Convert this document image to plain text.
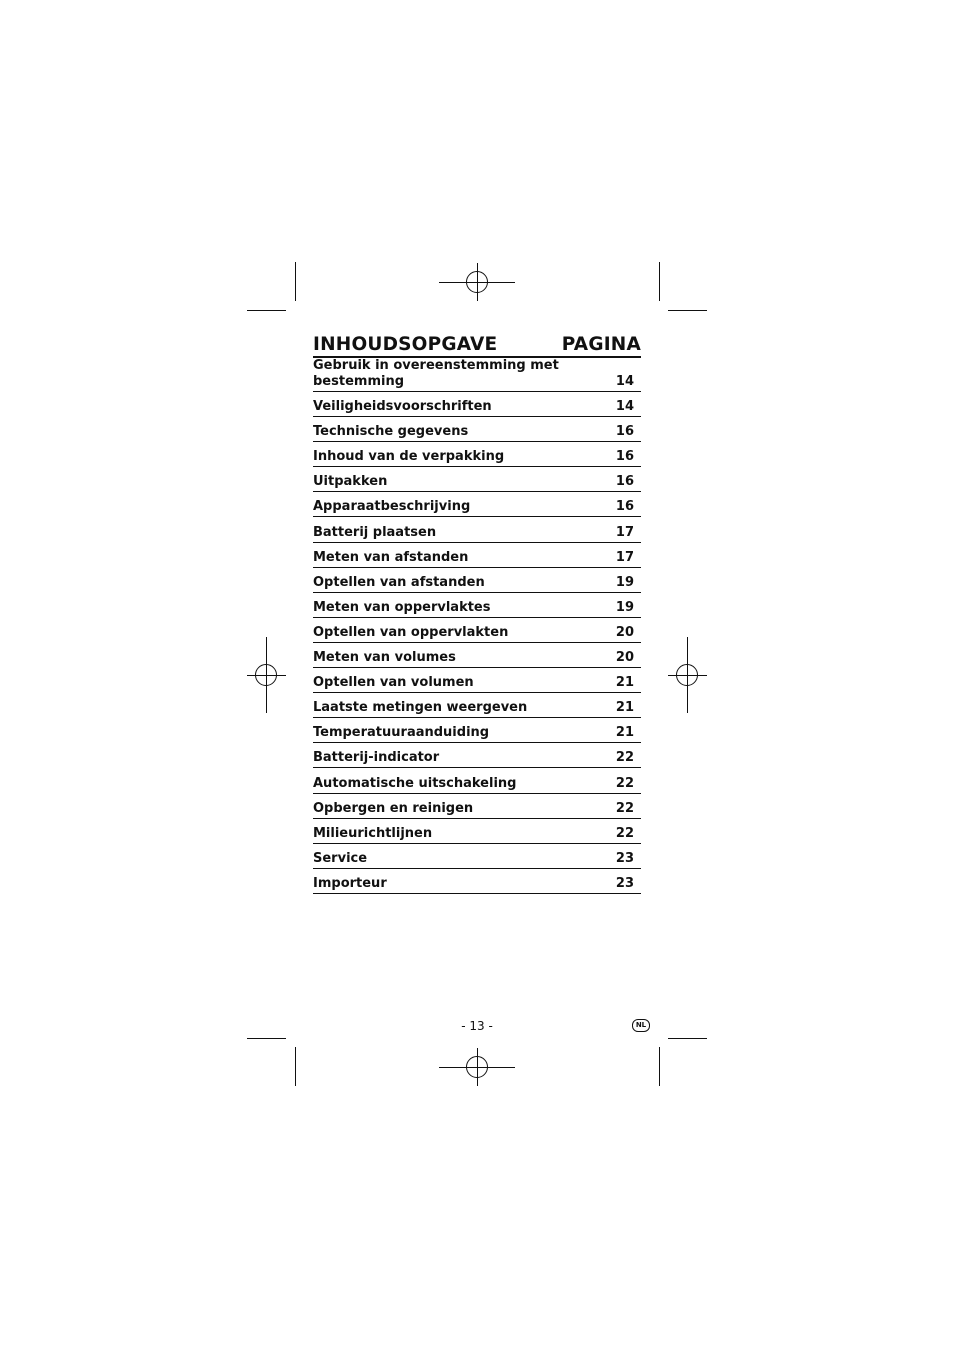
INHOUDSOPGAVE	PAGINA
Gebruik in overeenstemming met bestemming	14
Veiligheidsvoorschriften	14
Technische gegevens	16
Inhoud van de verpakking	16
Uitpakken	16
Apparaatbeschrijving	16
Batterij plaatsen	17
Meten van afstanden	17
Optellen van afstanden	19
Meten van oppervlaktes	19
Optellen van oppervlakten	20
Meten van volumes	20
Optellen van volumen	21
Laatste metingen weergeven	21
Temperatuuraanduiding	21
Batterij-indicator	22
Automatische uitschakeling	22
Opbergen en reinigen	22
Milieurichtlijnen	22
Service	23
Importeur	23
- 13 -	NL
